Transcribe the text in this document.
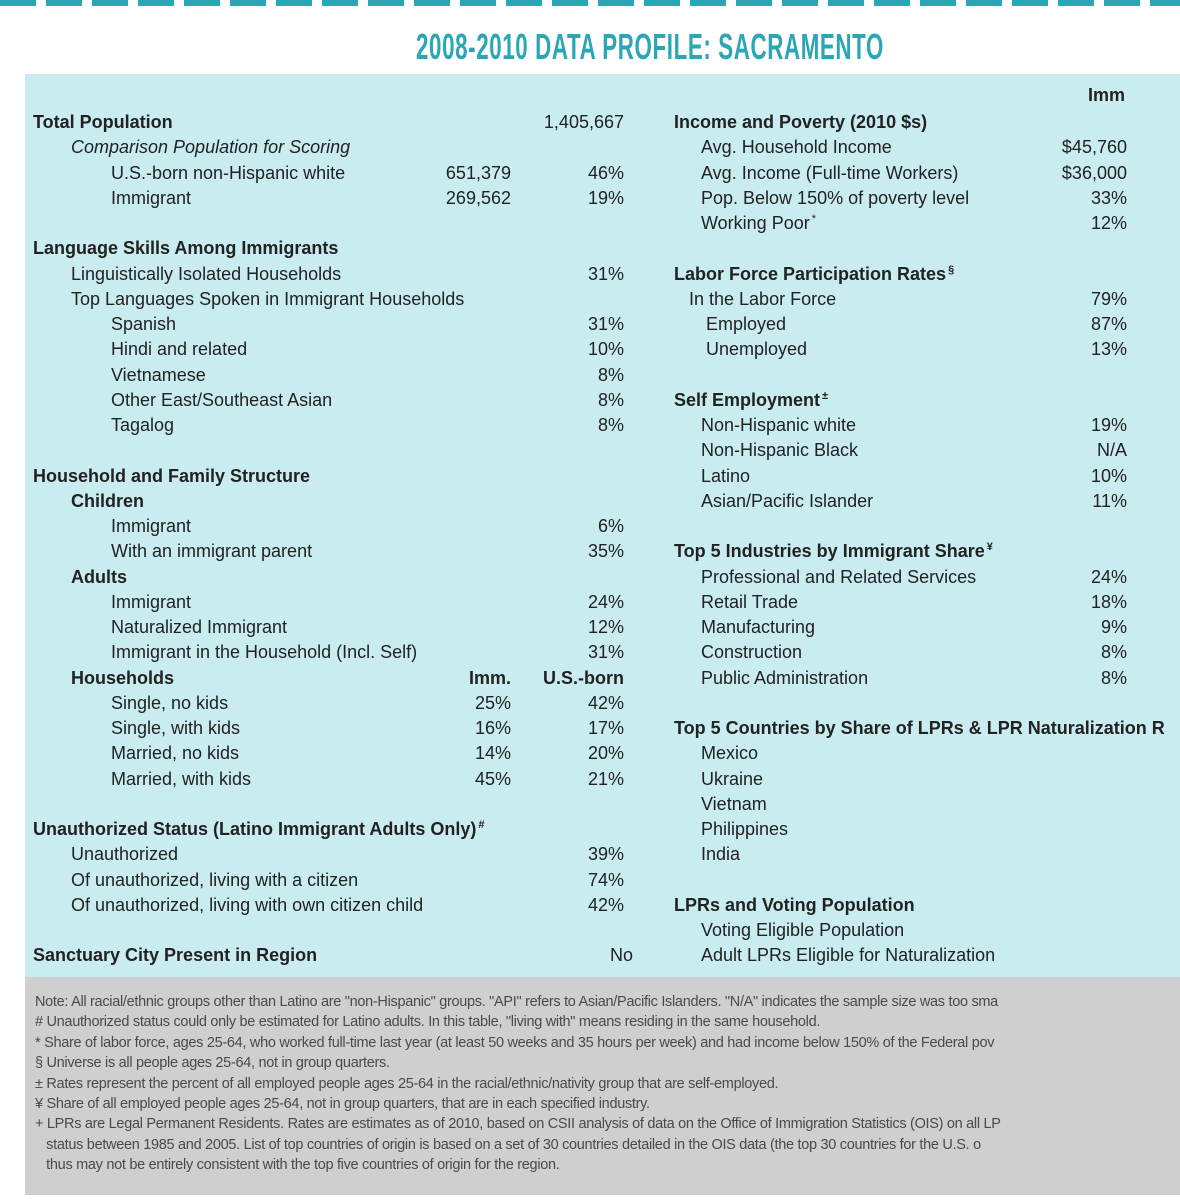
2008-2010 DATA PROFILE: SACRAMENTO
Imm
Total Population	1,405,667
Comparison Population for Scoring
U.S.-born non-Hispanic white	651,379	46%
Immigrant	269,562	19%
Language Skills Among Immigrants
Linguistically Isolated Households	31%
Top Languages Spoken in Immigrant Households
Spanish	31%
Hindi and related	10%
Vietnamese	8%
Other East/Southeast Asian	8%
Tagalog	8%
Household and Family Structure
Children
Immigrant	6%
With an immigrant parent	35%
Adults
Immigrant	24%
Naturalized Immigrant	12%
Immigrant in the Household (Incl. Self)	31%
Households	Imm.	U.S.-born
Single, no kids	25%	42%
Single, with kids	16%	17%
Married, no kids	14%	20%
Married, with kids	45%	21%
Unauthorized Status (Latino Immigrant Adults Only) #
Unauthorized	39%
Of unauthorized, living with a citizen	74%
Of unauthorized, living with own citizen child	42%
Sanctuary City Present in Region	No
Income and Poverty (2010 $s)
Avg. Household Income	$45,760
Avg. Income (Full-time Workers)	$36,000
Pop. Below 150% of poverty level	33%
Working Poor *	12%
Labor Force Participation Rates §
In the Labor Force	79%
Employed	87%
Unemployed	13%
Self Employment ±
Non-Hispanic white	19%
Non-Hispanic Black	N/A
Latino	10%
Asian/Pacific Islander	11%
Top 5 Industries by Immigrant Share ¥
Professional and Related Services	24%
Retail Trade	18%
Manufacturing	9%
Construction	8%
Public Administration	8%
Top 5 Countries by Share of LPRs & LPR Naturalization R
Mexico
Ukraine
Vietnam
Philippines
India
LPRs and Voting Population
Voting Eligible Population
Adult LPRs Eligible for Naturalization
Note: All racial/ethnic groups other than Latino are "non-Hispanic" groups. "API" refers to Asian/Pacific Islanders. "N/A" indicates the sample size was too sma
# Unauthorized status could only be estimated for Latino adults. In this table, "living with" means residing in the same household.
* Share of labor force, ages 25-64, who worked full-time last year (at least 50 weeks and 35 hours per week) and had income below 150% of the Federal pov
§ Universe is all people ages 25-64, not in group quarters.
± Rates represent the percent of all employed people ages 25-64 in the racial/ethnic/nativity group that are self-employed.
¥ Share of all employed people ages 25-64, not in group quarters, that are in each specified industry.
+ LPRs are Legal Permanent Residents. Rates are estimates as of 2010, based on CSII analysis of data on the Office of Immigration Statistics (OIS) on all LP
status between 1985 and 2005. List of top countries of origin is based on a set of 30 countries detailed in the OIS data (the top 30 countries for the U.S. o
thus may not be entirely consistent with the top five countries of origin for the region.
